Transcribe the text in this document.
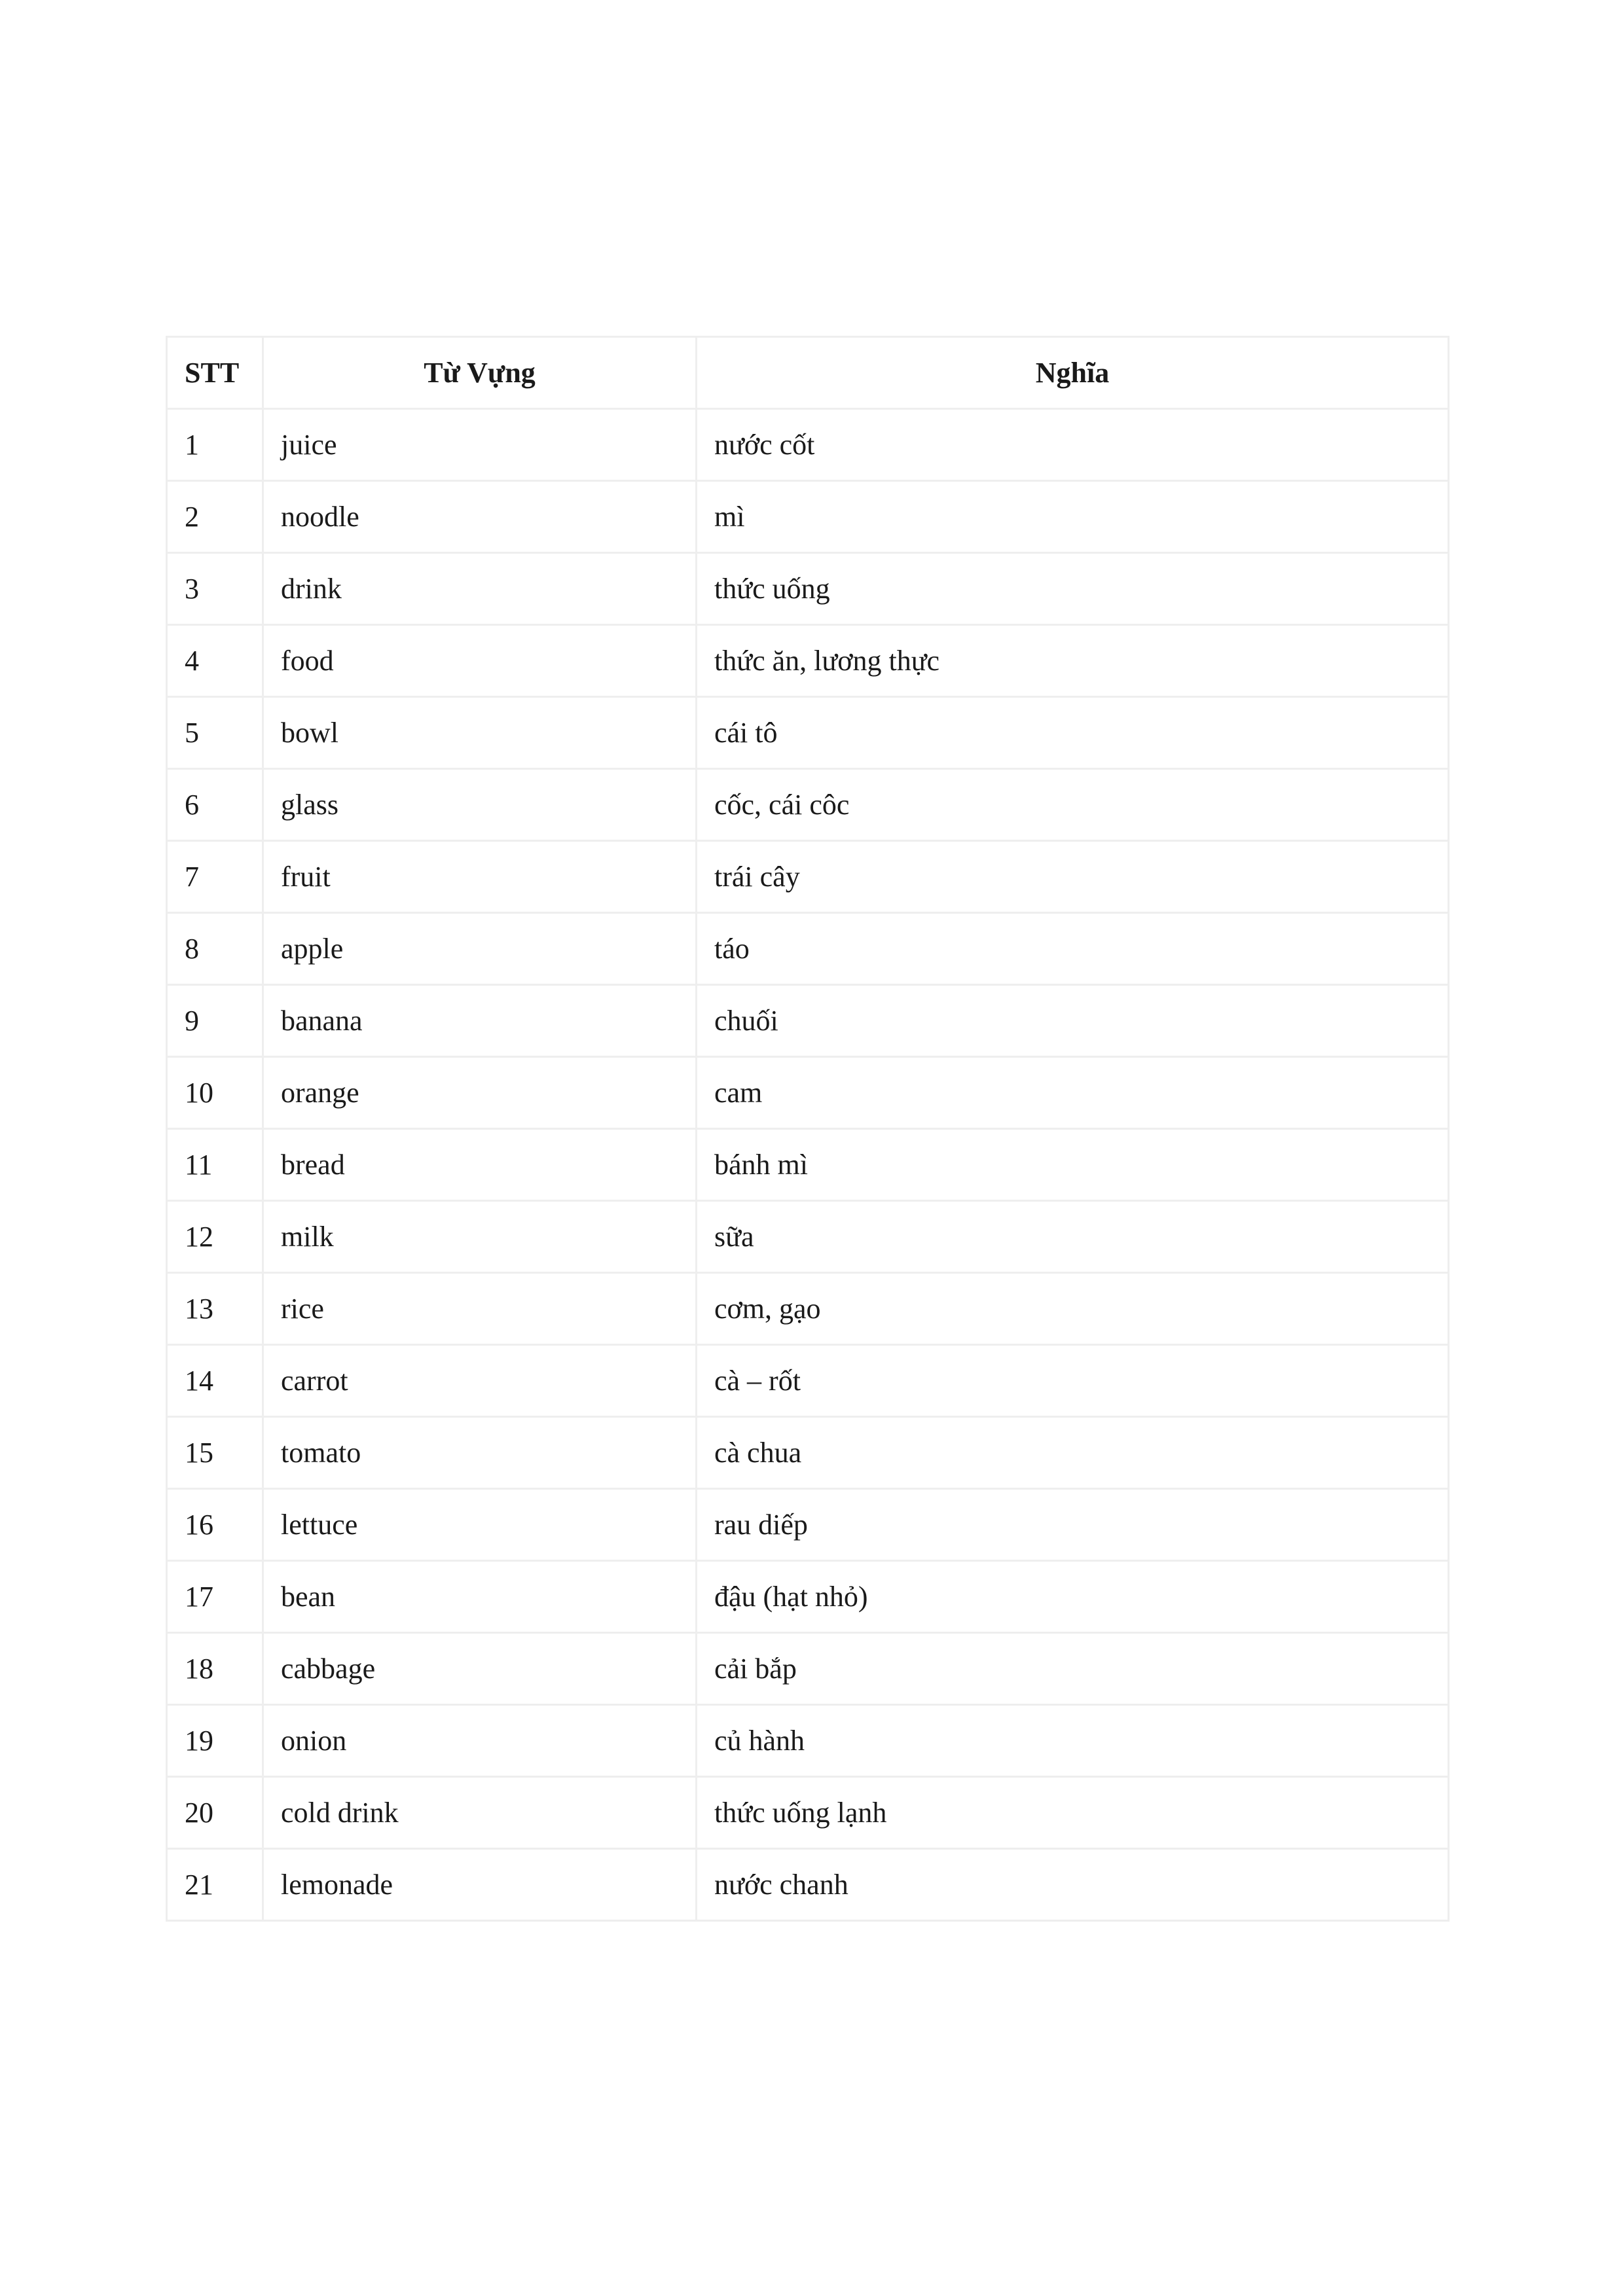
STT	Từ Vựng	Nghĩa
1	juice	nước cốt
2	noodle	mì
3	drink	thức uống
4	food	thức ăn, lương thực
5	bowl	cái tô
6	glass	cốc, cái côc
7	fruit	trái cây
8	apple	táo
9	banana	chuối
10	orange	cam
11	bread	bánh mì
12	milk	sữa
13	rice	cơm, gạo
14	carrot	cà – rốt
15	tomato	cà chua
16	lettuce	rau diếp
17	bean	đậu (hạt nhỏ)
18	cabbage	cải bắp
19	onion	củ hành
20	cold drink	thức uống lạnh
21	lemonade	nước chanh
